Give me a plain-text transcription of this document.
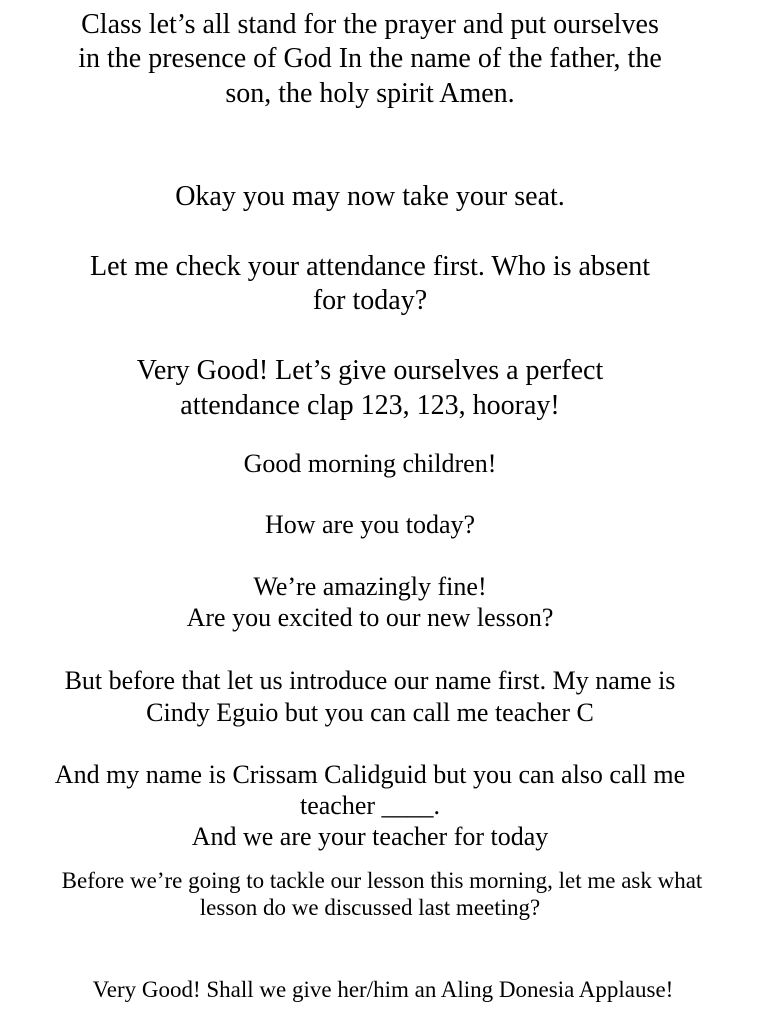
Class let’s all stand for the prayer and put ourselves
in the presence of God In the name of the father, the
son, the holy spirit Amen.
Okay you may now take your seat.
Let me check your attendance first. Who is absent
for today?
Very Good! Let’s give ourselves a perfect
attendance clap 123, 123, hooray!
Good morning children!
How are you today?
We’re amazingly fine!
Are you excited to our new lesson?
But before that let us introduce our name first. My name is
Cindy Eguio but you can call me teacher C
And my name is Crissam Calidguid but you can also call me
teacher ____.
And we are your teacher for today
Before we’re going to tackle our lesson this morning, let me ask what
lesson do we discussed last meeting?
Very Good! Shall we give her/him an Aling Donesia Applause!
